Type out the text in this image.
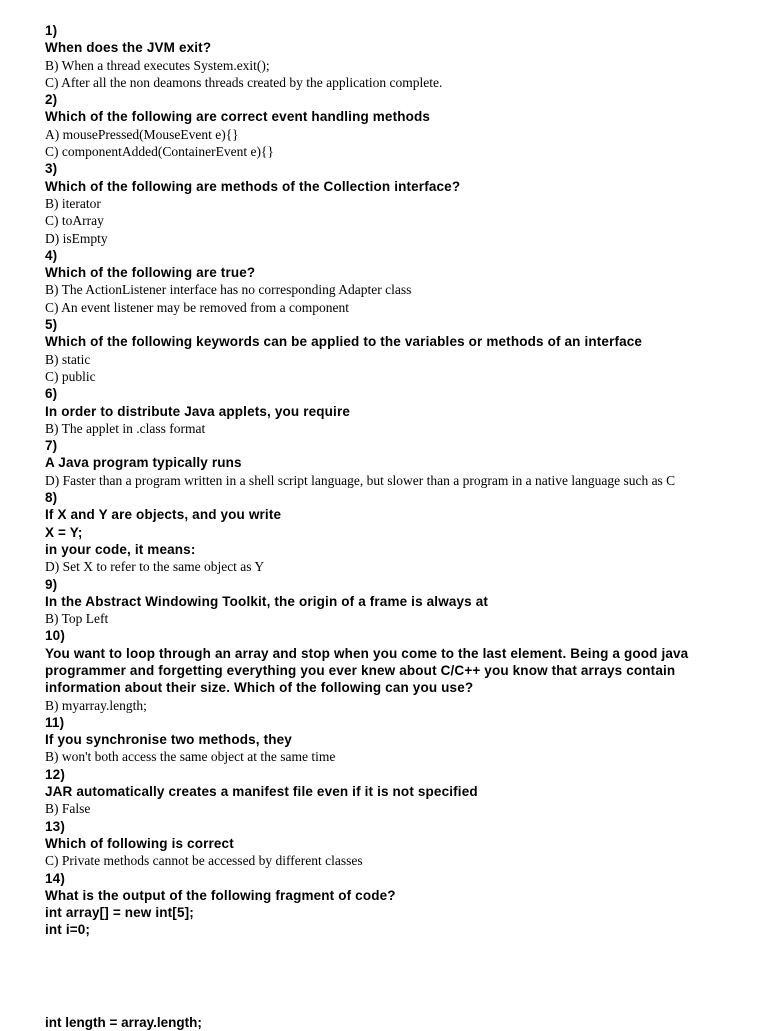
1)
When does the JVM exit?
B) When a thread executes System.exit();
C) After all the non deamons threads created by the application complete.
2)
Which of the following are correct event handling methods
A) mousePressed(MouseEvent e){}
C) componentAdded(ContainerEvent e){}
3)
Which of the following are methods of the Collection interface?
B) iterator
C) toArray
D) isEmpty
4)
Which of the following are true?
B) The ActionListener interface has no corresponding Adapter class
C) An event listener may be removed from a component
5)
Which of the following keywords can be applied to the variables or methods of an interface
B) static
C) public
6)
In order to distribute Java applets, you require
B) The applet in .class format
7)
A Java program typically runs
D) Faster than a program written in a shell script language, but slower than a program in a native language such as C
8)
If X and Y are objects, and you write
X = Y;
in your code, it means:
D) Set X to refer to the same object as Y
9)
In the Abstract Windowing Toolkit, the origin of a frame is always at
B) Top Left
10)
You want to loop through an array and stop when you come to the last element. Being a good java programmer and forgetting everything you ever knew about C/C++ you know that arrays contain information about their size. Which of the following can you use?
B) myarray.length;
11)
If you synchronise two methods, they
B) won't both access the same object at the same time
12)
JAR automatically creates a manifest file even if it is not specified
B) False
13)
Which of following is correct
C) Private methods cannot be accessed by different classes
14)
What is the output of the following fragment of code?
int array[] = new int[5];
int i=0;
int length = array.length;
